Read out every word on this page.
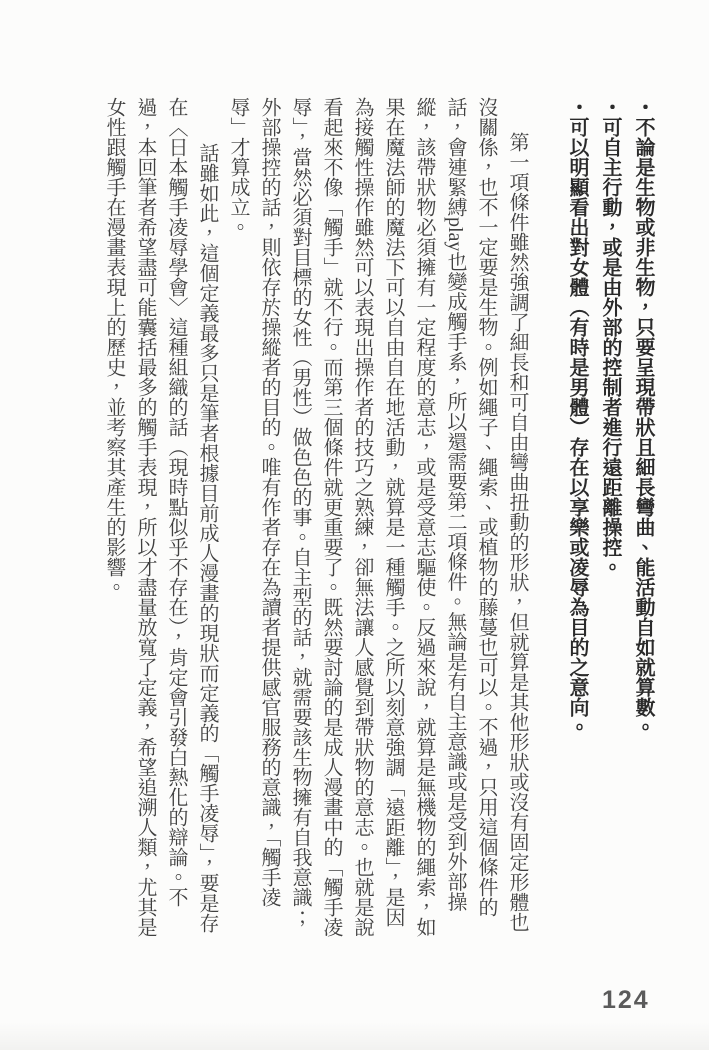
・不論是生物或非生物，只要呈現帶狀且細長彎曲、能活動自如就算數。
・可自主行動，或是由外部的控制者進行遠距離操控。
・可以明顯看出對女體（有時是男體）存在以享樂或凌辱為目的之意向。
第一項條件雖然強調了細長和可自由彎曲扭動的形狀，但就算是其他形狀或沒有固定形體也
沒關係，也不一定要是生物。例如繩子、繩索、或植物的藤蔓也可以。不過，只用這個條件的
話，會連緊縛play也變成觸手系，所以還需要第二項條件。無論是有自主意識或是受到外部操
縱，該帶狀物必須擁有一定程度的意志，或是受意志驅使。反過來說，就算是無機物的繩索，如
果在魔法師的魔法下可以自由自在地活動，就算是一種觸手。之所以刻意強調「遠距離」，是因
為接觸性操作雖然可以表現出操作者的技巧之熟練，卻無法讓人感覺到帶狀物的意志。也就是說
看起來不像「觸手」就不行。而第三個條件就更重要了。既然要討論的是成人漫畫中的「觸手凌
辱」，當然必須對目標的女性（男性）做色色的事。自主型的話，就需要該生物擁有自我意識；
外部操控的話，則依存於操縱者的目的。唯有作者存在為讀者提供感官服務的意識，「觸手凌
辱」才算成立。
話雖如此，這個定義最多只是筆者根據目前成人漫畫的現狀而定義的「觸手凌辱」，要是存
在〈日本觸手凌辱學會〉這種組織的話（現時點似乎不存在），肯定會引發白熱化的辯論。不
過，本回筆者希望盡可能囊括最多的觸手表現，所以才盡量放寬了定義，希望追溯人類，尤其是
女性跟觸手在漫畫表現上的歷史，並考察其產生的影響。
124
